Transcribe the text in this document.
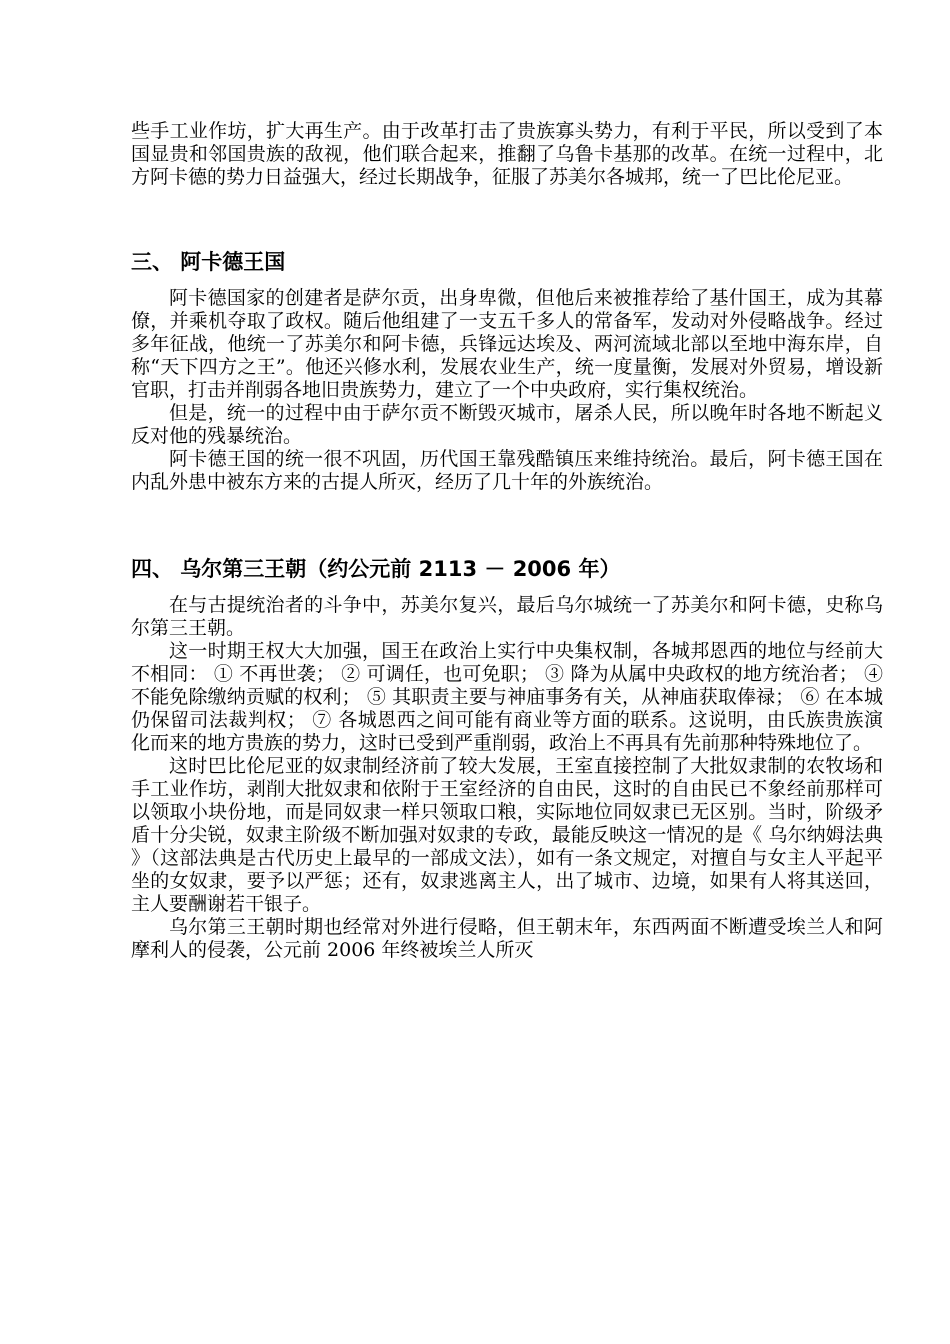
些手工业作坊，扩大再生产。由于改革打击了贵族寡头势力，有利于平民，所以受到了本国显贵和邻国贵族的敌视，他们联合起来，推翻了乌鲁卡基那的改革。在统一过程中，北方阿卡德的势力日益强大，经过长期战争，征服了苏美尔各城邦，统一了巴比伦尼亚。

三、 阿卡德王国

阿卡德国家的创建者是萨尔贡，出身卑微，但他后来被推荐给了基什国王，成为其幕僚，并乘机夺取了政权。随后他组建了一支五千多人的常备军，发动对外侵略战争。经过多年征战，他统一了苏美尔和阿卡德，兵锋远达埃及、两河流域北部以至地中海东岸，自称“天下四方之王”。他还兴修水利，发展农业生产，统一度量衡，发展对外贸易，增设新官职，打击并削弱各地旧贵族势力，建立了一个中央政府，实行集权统治。

但是，统一的过程中由于萨尔贡不断毁灭城市，屠杀人民，所以晚年时各地不断起义反对他的残暴统治。

阿卡德王国的统一很不巩固，历代国王靠残酷镇压来维持统治。最后，阿卡德王国在内乱外患中被东方来的古提人所灭，经历了几十年的外族统治。

四、 乌尔第三王朝（约公元前 2113 － 2006 年）

在与古提统治者的斗争中，苏美尔复兴，最后乌尔城统一了苏美尔和阿卡德，史称乌尔第三王朝。

这一时期王权大大加强，国王在政治上实行中央集权制，各城邦恩西的地位与经前大不相同： ① 不再世袭； ② 可调任，也可免职； ③ 降为从属中央政权的地方统治者； ④ 不能免除缴纳贡赋的权利； ⑤ 其职责主要与神庙事务有关，从神庙获取俸禄； ⑥ 在本城仍保留司法裁判权； ⑦ 各城恩西之间可能有商业等方面的联系。这说明，由氏族贵族演化而来的地方贵族的势力，这时已受到严重削弱，政治上不再具有先前那种特殊地位了。

这时巴比伦尼亚的奴隶制经济前了较大发展，王室直接控制了大批奴隶制的农牧场和手工业作坊，剥削大批奴隶和依附于王室经济的自由民，这时的自由民已不象经前那样可以领取小块份地，而是同奴隶一样只领取口粮，实际地位同奴隶已无区别。当时，阶级矛盾十分尖锐，奴隶主阶级不断加强对奴隶的专政，最能反映这一情况的是《 乌尔纳姆法典 》（这部法典是古代历史上最早的一部成文法），如有一条文规定，对擅自与女主人平起平坐的女奴隶，要予以严惩；还有，奴隶逃离主人，出了城市、边境，如果有人将其送回，主人要酬谢若干银子。

乌尔第三王朝时期也经常对外进行侵略，但王朝末年，东西两面不断遭受埃兰人和阿摩利人的侵袭，公元前 2006 年终被埃兰人所灭
